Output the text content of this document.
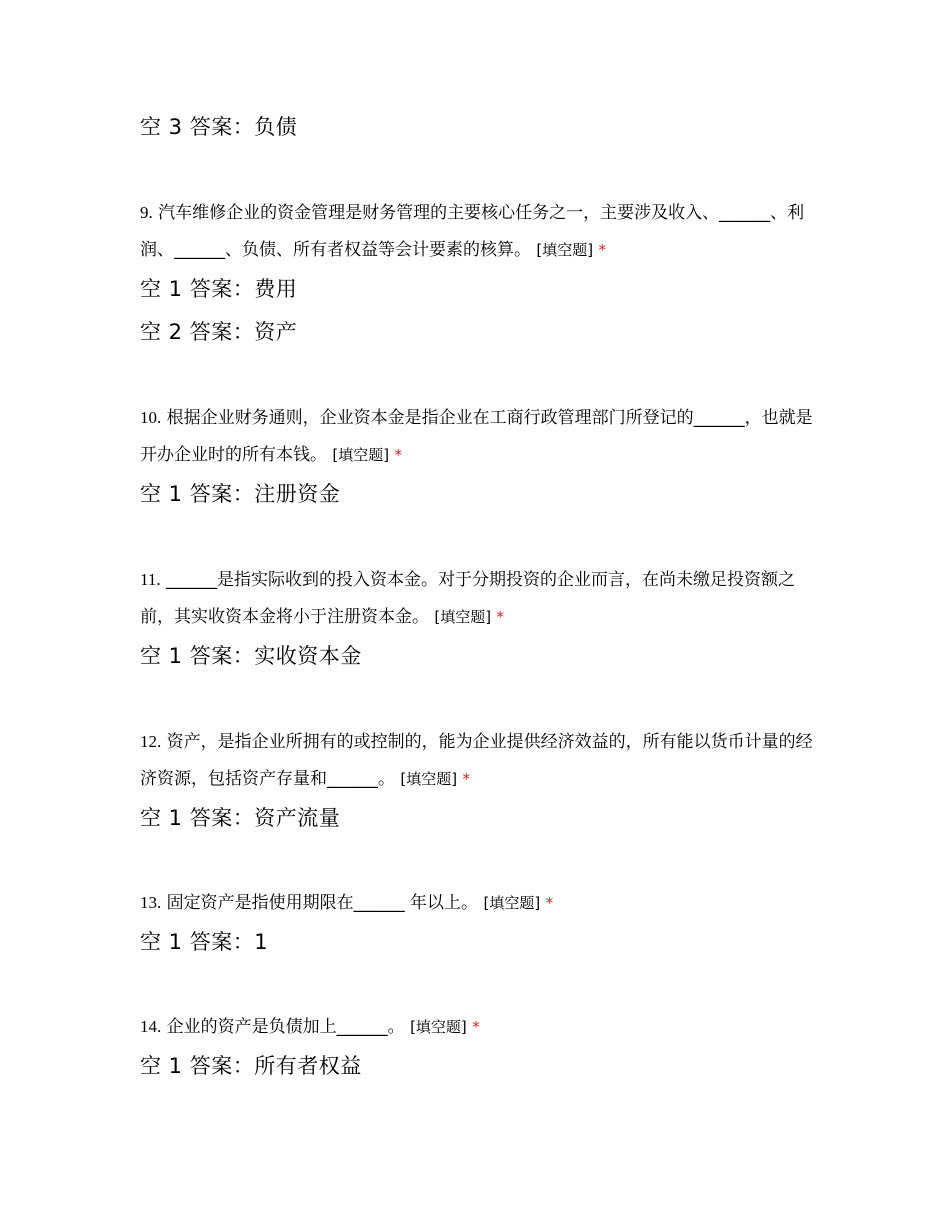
空 3 答案：负债
9. 汽车维修企业的资金管理是财务管理的主要核心任务之一，主要涉及收入、______、利润、______、负债、所有者权益等会计要素的核算。 [填空题] *
空 1 答案：费用
空 2 答案：资产
10. 根据企业财务通则，企业资本金是指企业在工商行政管理部门所登记的______，也就是开办企业时的所有本钱。 [填空题] *
空 1 答案：注册资金
11. ______是指实际收到的投入资本金。对于分期投资的企业而言，在尚未缴足投资额之前，其实收资本金将小于注册资本金。 [填空题] *
空 1 答案：实收资本金
12. 资产，是指企业所拥有的或控制的，能为企业提供经济效益的，所有能以货币计量的经济资源，包括资产存量和______。 [填空题] *
空 1 答案：资产流量
13. 固定资产是指使用期限在______ 年以上。 [填空题] *
空 1 答案：1
14. 企业的资产是负债加上______。 [填空题] *
空 1 答案：所有者权益
